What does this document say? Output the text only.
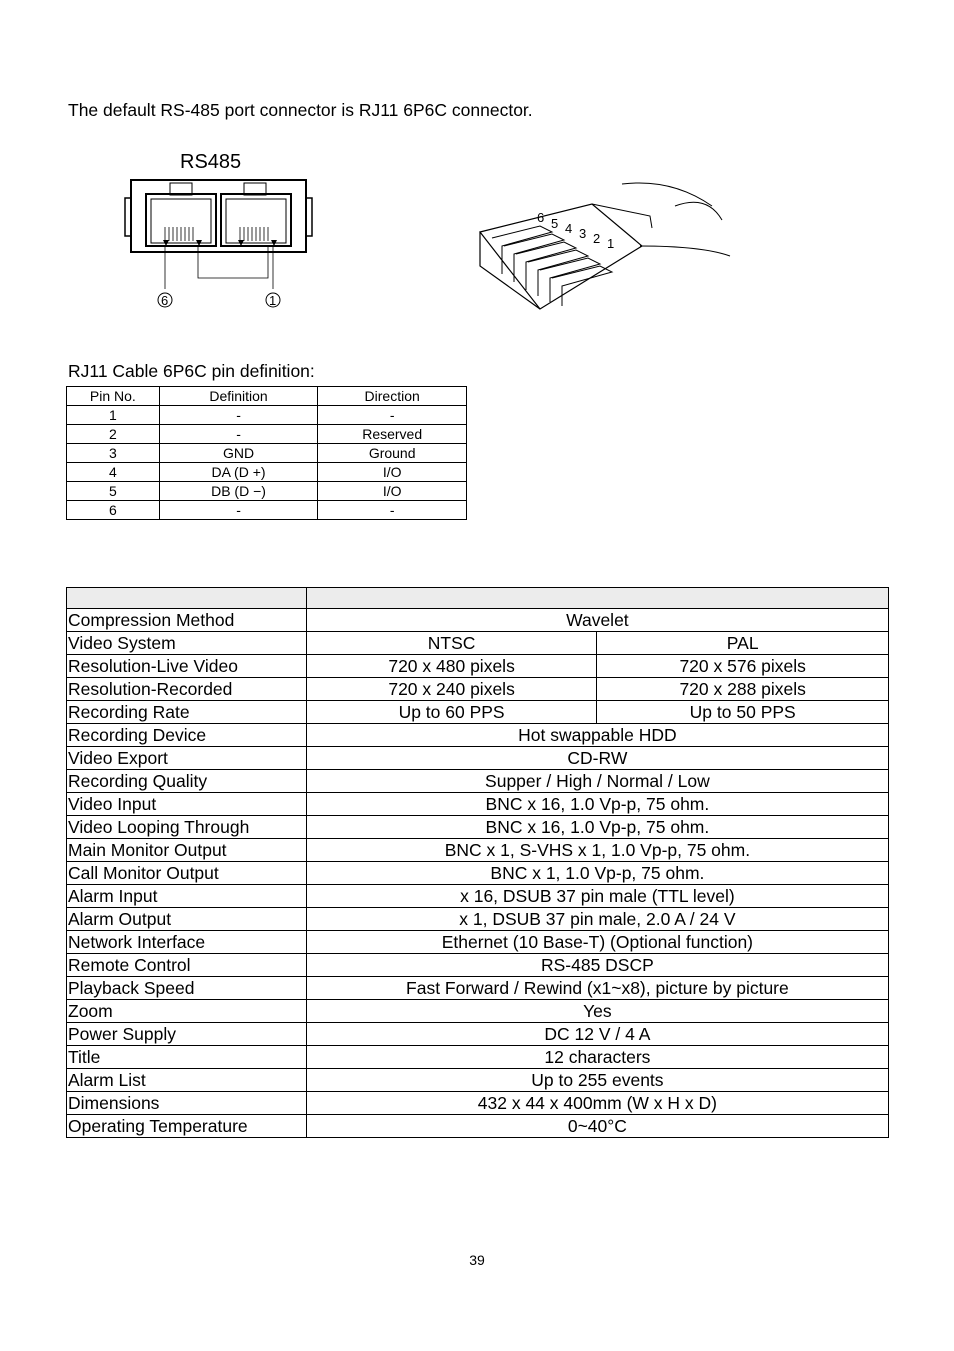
The default RS-485 port connector is RJ11 6P6C connector.
RS485
6	1
6 5 4 3 2 1
RJ11 Cable 6P6C pin definition:
Pin No.	Definition	Direction
1	-	-
2	-	Reserved
3	GND	Ground
4	DA (D +)	I/O
5	DB (D −)	I/O
6	-	-

Compression Method	Wavelet	
Video System	NTSC	PAL
Resolution-Live Video	720 x 480 pixels	720 x 576 pixels
Resolution-Recorded	720 x 240 pixels	720 x 288 pixels
Recording Rate	Up to 60 PPS	Up to 50 PPS
Recording Device	Hot swappable HDD	
Video Export	CD-RW	
Recording Quality	Supper / High / Normal / Low	
Video Input	BNC x 16, 1.0 Vp-p, 75 ohm.	
Video Looping Through	BNC x 16, 1.0 Vp-p, 75 ohm.	
Main Monitor Output	BNC x 1, S-VHS x 1, 1.0 Vp-p, 75 ohm.	
Call Monitor Output	BNC x 1, 1.0 Vp-p, 75 ohm.	
Alarm Input	x 16, DSUB 37 pin male (TTL level)	
Alarm Output	x 1, DSUB 37 pin male, 2.0 A / 24 V	
Network Interface	Ethernet (10 Base-T) (Optional function)	
Remote Control	RS-485 DSCP	
Playback Speed	Fast Forward / Rewind (x1~x8), picture by picture	
Zoom	Yes	
Power Supply	DC 12 V / 4 A	
Title	12 characters	
Alarm List	Up to 255 events	
Dimensions	432 x 44 x 400mm (W x H x D)	
Operating Temperature	0~40°C	
39
